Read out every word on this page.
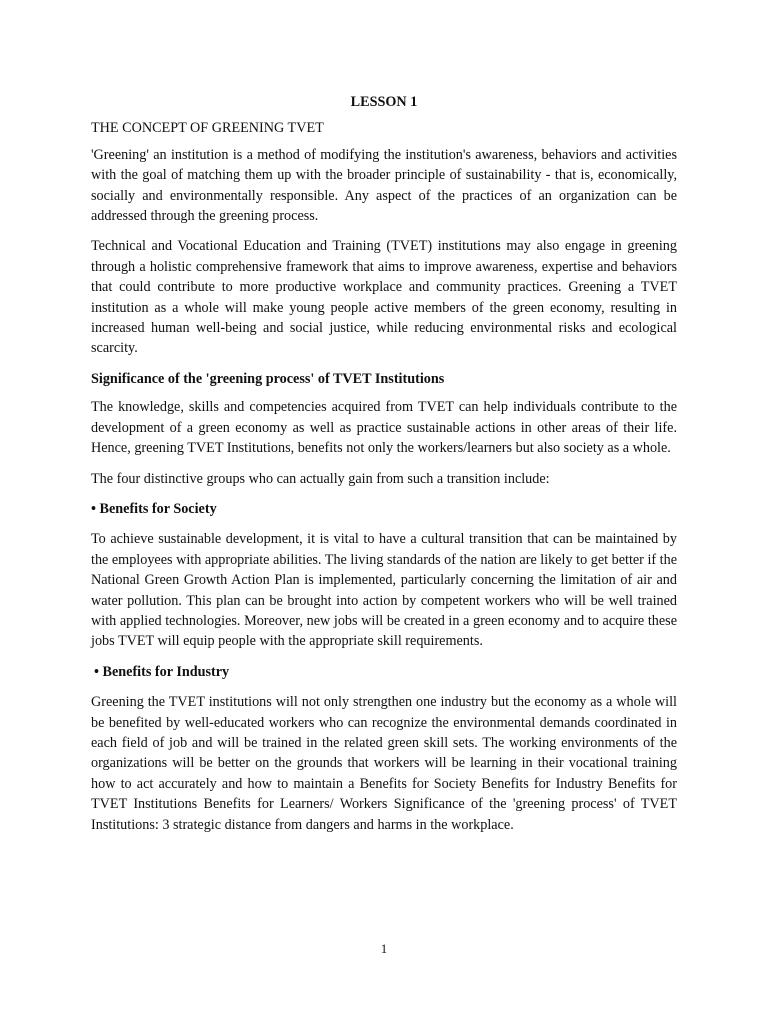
LESSON 1

THE CONCEPT OF GREENING TVET

'Greening' an institution is a method of modifying the institution's awareness, behaviors and activities with the goal of matching them up with the broader principle of sustainability - that is, economically, socially and environmentally responsible. Any aspect of the practices of an organization can be addressed through the greening process.

Technical and Vocational Education and Training (TVET) institutions may also engage in greening through a holistic comprehensive framework that aims to improve awareness, expertise and behaviors that could contribute to more productive workplace and community practices. Greening a TVET institution as a whole will make young people active members of the green economy, resulting in increased human well-being and social justice, while reducing environmental risks and ecological scarcity.

Significance of the 'greening process' of TVET Institutions

The knowledge, skills and competencies acquired from TVET can help individuals contribute to the development of a green economy as well as practice sustainable actions in other areas of their life. Hence, greening TVET Institutions, benefits not only the workers/learners but also society as a whole.

The four distinctive groups who can actually gain from such a transition include:

• Benefits for Society

To achieve sustainable development, it is vital to have a cultural transition that can be maintained by the employees with appropriate abilities. The living standards of the nation are likely to get better if the National Green Growth Action Plan is implemented, particularly concerning the limitation of air and water pollution. This plan can be brought into action by competent workers who will be well trained with applied technologies. Moreover, new jobs will be created in a green economy and to acquire these jobs TVET will equip people with the appropriate skill requirements.

• Benefits for Industry

Greening the TVET institutions will not only strengthen one industry but the economy as a whole will be benefited by well-educated workers who can recognize the environmental demands coordinated in each field of job and will be trained in the related green skill sets. The working environments of the organizations will be better on the grounds that workers will be learning in their vocational training how to act accurately and how to maintain a Benefits for Society Benefits for Industry Benefits for TVET Institutions Benefits for Learners/ Workers Significance of the 'greening process' of TVET Institutions: 3 strategic distance from dangers and harms in the workplace.

1
